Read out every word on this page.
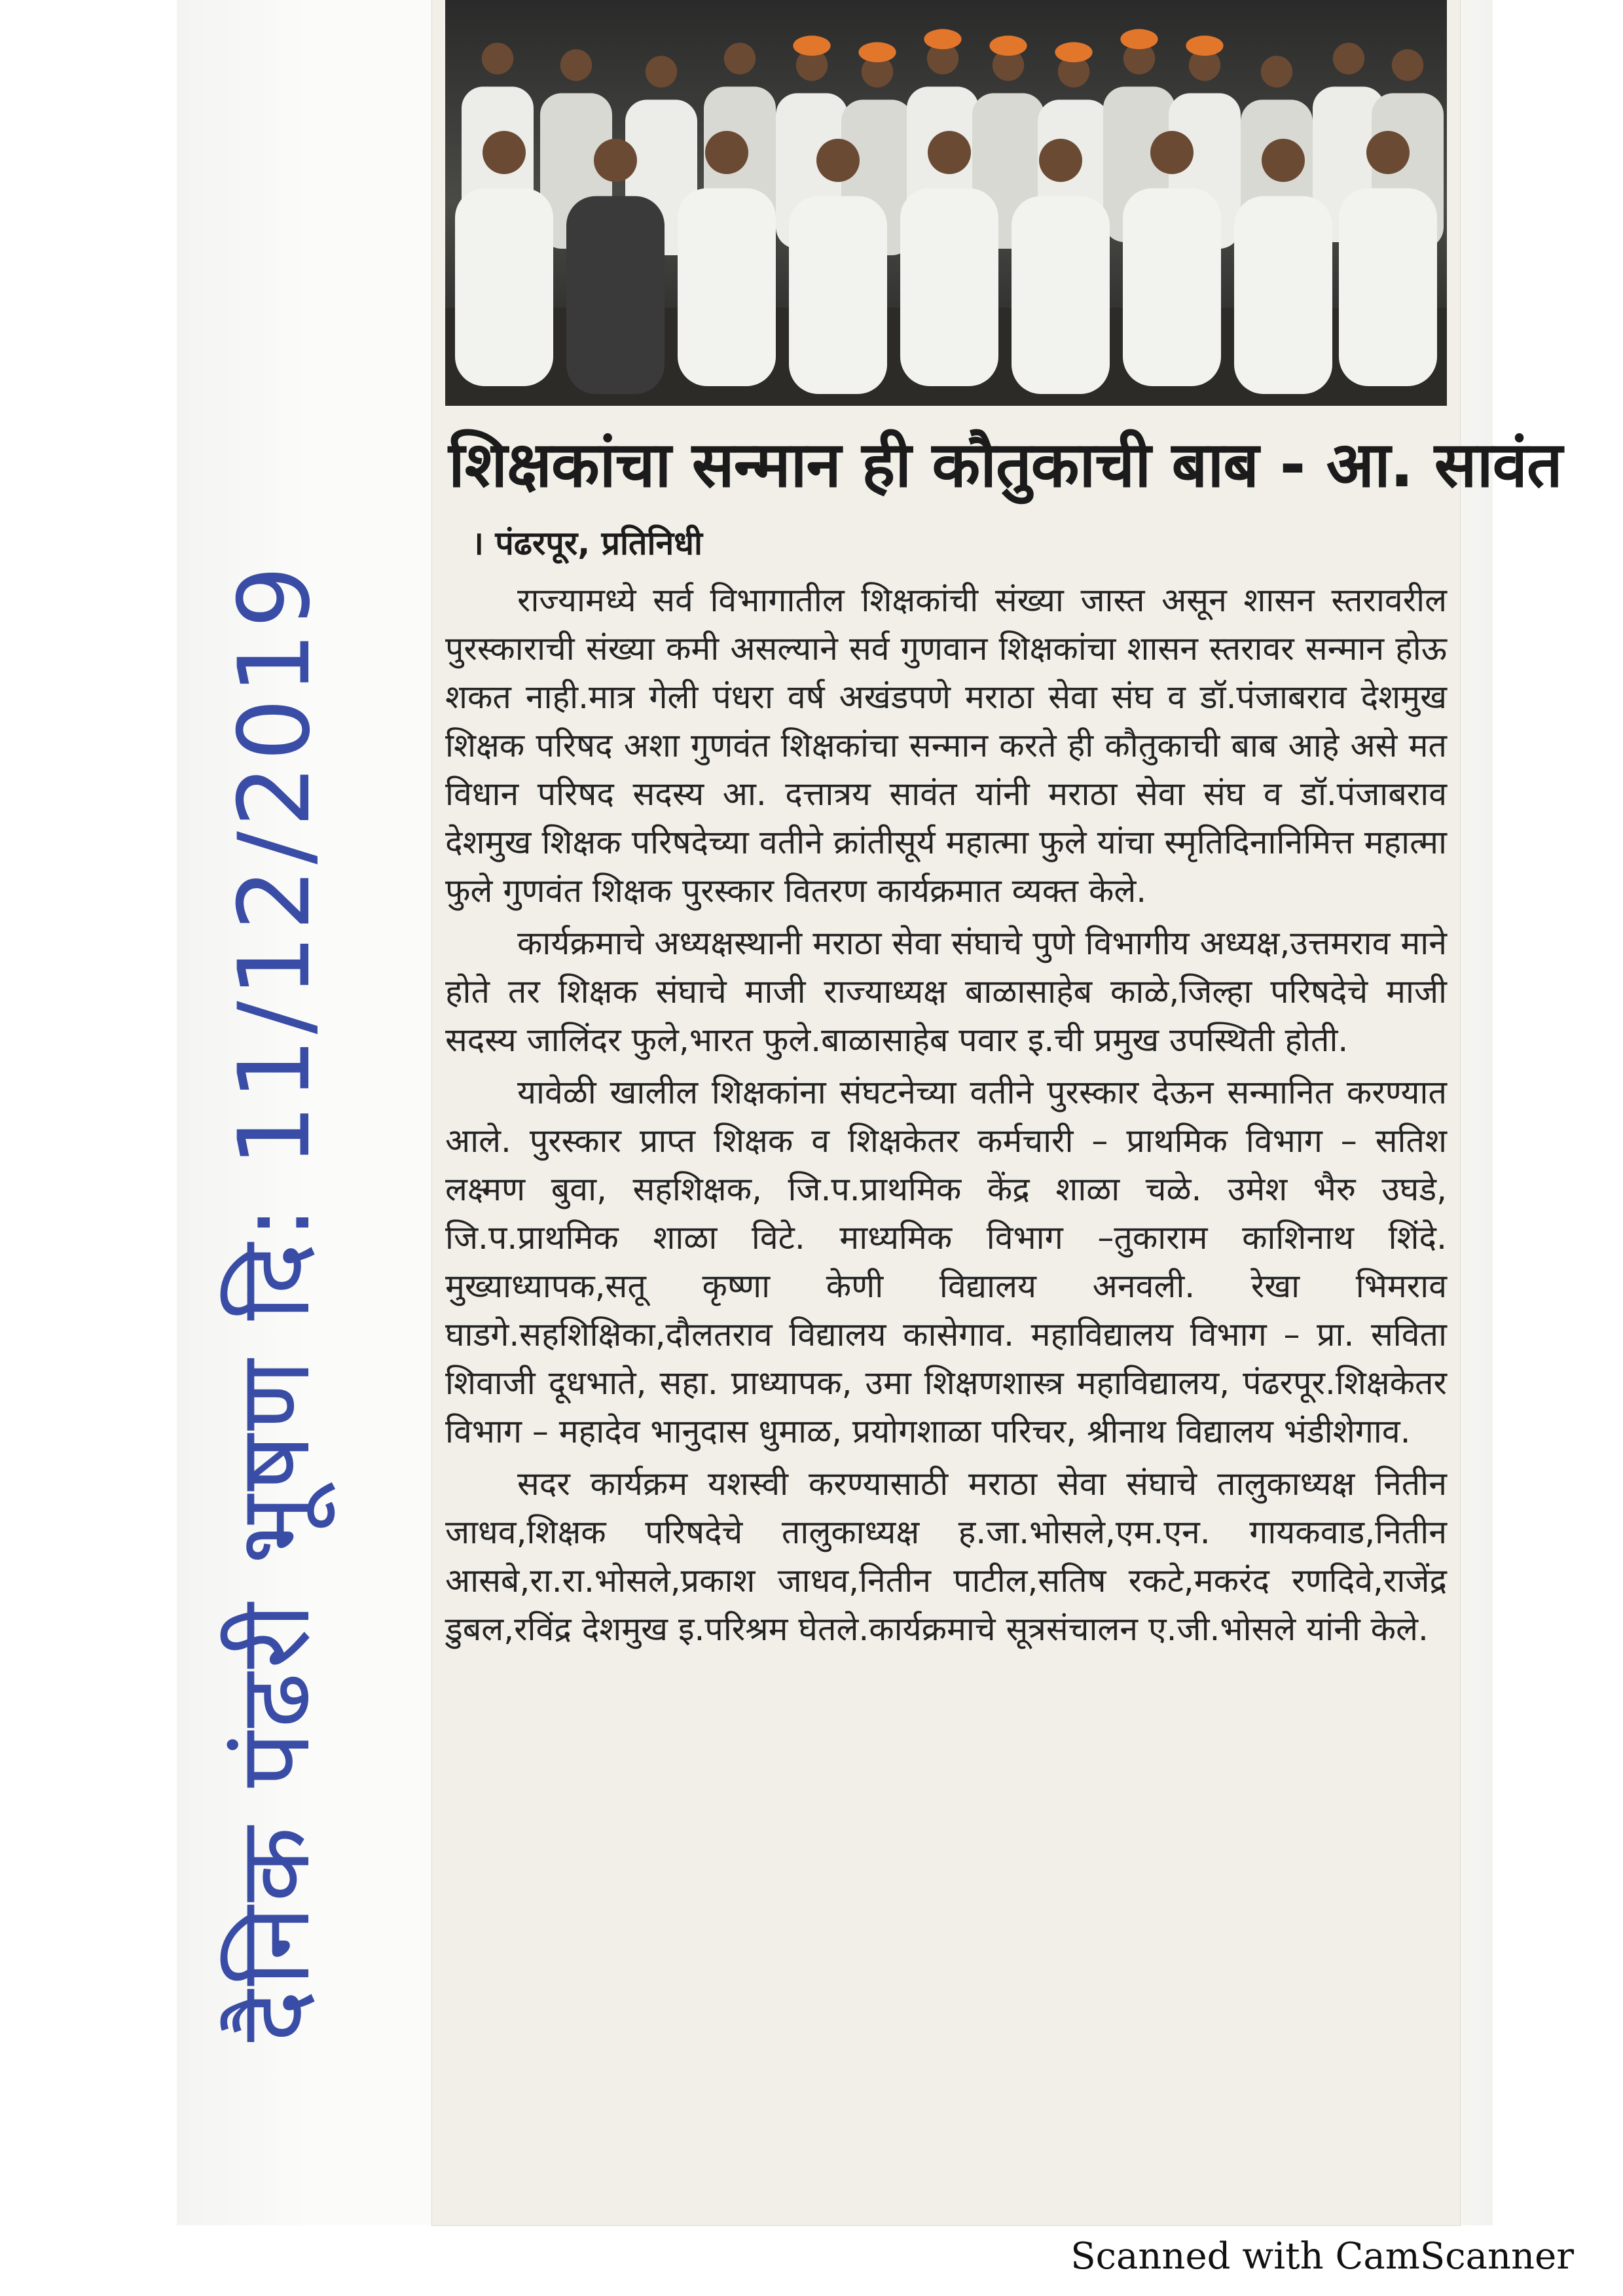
शिक्षकांचा सन्मान ही कौतुकाची बाब - आ. सावंत
। पंढरपूर, प्रतिनिधी

राज्यामध्ये सर्व विभागातील शिक्षकांची संख्या जास्त असून शासन स्तरावरील पुरस्काराची संख्या कमी असल्याने सर्व गुणवान शिक्षकांचा शासन स्तरावर सन्मान होऊ शकत नाही.मात्र गेली पंधरा वर्ष अखंडपणे मराठा सेवा संघ व डॉ.पंजाबराव देशमुख शिक्षक परिषद अशा गुणवंत शिक्षकांचा सन्मान करते ही कौतुकाची बाब आहे असे मत विधान परिषद सदस्य आ. दत्तात्रय सावंत यांनी मराठा सेवा संघ व डॉ.पंजाबराव देशमुख शिक्षक परिषदेच्या वतीने क्रांतीसूर्य महात्मा फुले यांचा स्मृतिदिनानिमित्त महात्मा फुले गुणवंत शिक्षक पुरस्कार वितरण कार्यक्रमात व्यक्त केले.

कार्यक्रमाचे अध्यक्षस्थानी मराठा सेवा संघाचे पुणे विभागीय अध्यक्ष,उत्तमराव माने होते तर शिक्षक संघाचे माजी राज्याध्यक्ष बाळासाहेब काळे,जिल्हा परिषदेचे माजी सदस्य जालिंदर फुले,भारत फुले.बाळासाहेब पवार इ.ची प्रमुख उपस्थिती होती.

यावेळी खालील शिक्षकांना संघटनेच्या वतीने पुरस्कार देऊन सन्मानित करण्यात आले. पुरस्कार प्राप्त शिक्षक व शिक्षकेतर कर्मचारी – प्राथमिक विभाग – सतिश लक्ष्मण बुवा, सहशिक्षक, जि.प.प्राथमिक केंद्र शाळा चळे. उमेश भैरु उघडे, जि.प.प्राथमिक शाळा विटे. माध्यमिक विभाग –तुकाराम काशिनाथ शिंदे. मुख्याध्यापक,सतू कृष्णा केणी विद्यालय अनवली. रेखा भिमराव घाडगे.सहशिक्षिका,दौलतराव विद्यालय कासेगाव. महाविद्यालय विभाग – प्रा. सविता शिवाजी दूधभाते, सहा. प्राध्यापक, उमा शिक्षणशास्त्र महाविद्यालय, पंढरपूर.शिक्षकेतर विभाग – महादेव भानुदास धुमाळ, प्रयोगशाळा परिचर, श्रीनाथ विद्यालय भंडीशेगाव.

सदर कार्यक्रम यशस्वी करण्यासाठी मराठा सेवा संघाचे तालुकाध्यक्ष नितीन जाधव,शिक्षक परिषदेचे तालुकाध्यक्ष ह.जा.भोसले,एम.एन. गायकवाड,नितीन आसबे,रा.रा.भोसले,प्रकाश जाधव,नितीन पाटील,सतिष रकटे,मकरंद रणदिवे,राजेंद्र डुबल,रविंद्र देशमुख इ.परिश्रम घेतले.कार्यक्रमाचे सूत्रसंचालन ए.जी.भोसले यांनी केले.

दैनिक पंढरी भूषण दि: 11/12/2019
Scanned with CamScanner
